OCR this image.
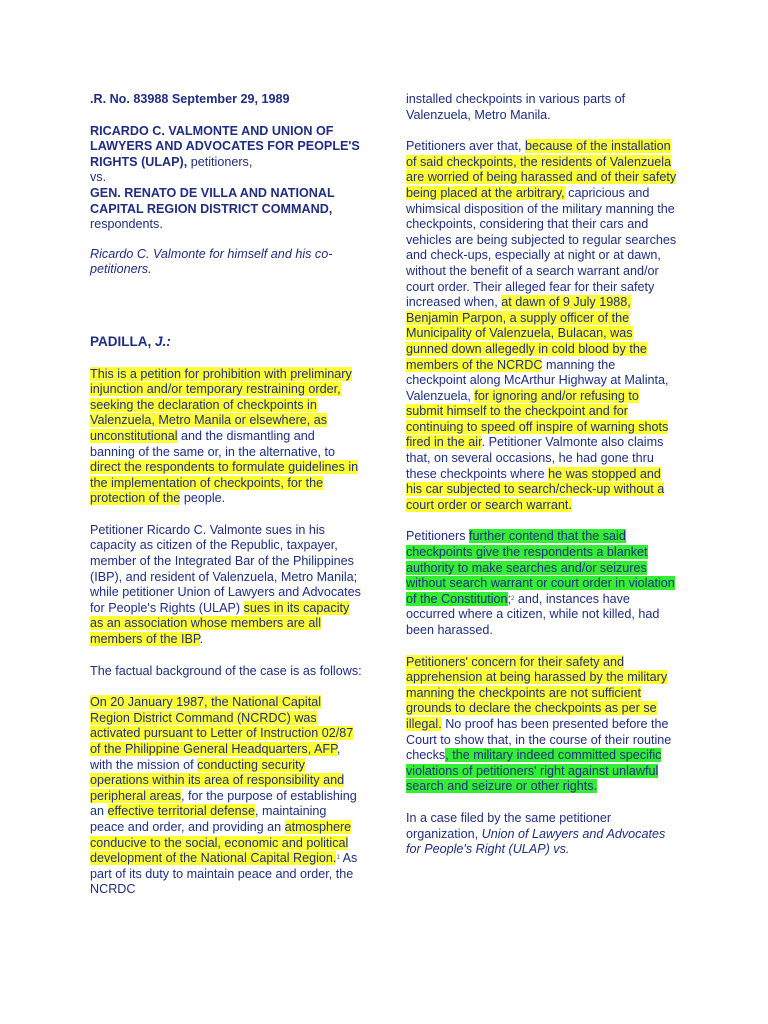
.R. No. 83988 September 29, 1989

RICARDO C. VALMONTE AND UNION OF LAWYERS AND ADVOCATES FOR PEOPLE'S RIGHTS (ULAP), petitioners,
vs.
GEN. RENATO DE VILLA AND NATIONAL CAPITAL REGION DISTRICT COMMAND, respondents.

Ricardo C. Valmonte for himself and his co-petitioners.

PADILLA, J.:

This is a petition for prohibition with preliminary injunction and/or temporary restraining order, seeking the declaration of checkpoints in Valenzuela, Metro Manila or elsewhere, as unconstitutional and the dismantling and banning of the same or, in the alternative, to direct the respondents to formulate guidelines in the implementation of checkpoints, for the protection of the people.

Petitioner Ricardo C. Valmonte sues in his capacity as citizen of the Republic, taxpayer, member of the Integrated Bar of the Philippines (IBP), and resident of Valenzuela, Metro Manila; while petitioner Union of Lawyers and Advocates for People's Rights (ULAP) sues in its capacity as an association whose members are all members of the IBP.

The factual background of the case is as follows:

On 20 January 1987, the National Capital Region District Command (NCRDC) was activated pursuant to Letter of Instruction 02/87 of the Philippine General Headquarters, AFP, with the mission of conducting security operations within its area of responsibility and peripheral areas, for the purpose of establishing an effective territorial defense, maintaining peace and order, and providing an atmosphere conducive to the social, economic and political development of the National Capital Region.$^1$ As part of its duty to maintain peace and order, the NCRDC

installed checkpoints in various parts of Valenzuela, Metro Manila.

Petitioners aver that, because of the installation of said checkpoints, the residents of Valenzuela are worried of being harassed and of their safety being placed at the arbitrary, capricious and whimsical disposition of the military manning the checkpoints, considering that their cars and vehicles are being subjected to regular searches and check-ups, especially at night or at dawn, without the benefit of a search warrant and/or court order. Their alleged fear for their safety increased when, at dawn of 9 July 1988, Benjamin Parpon, a supply officer of the Municipality of Valenzuela, Bulacan, was gunned down allegedly in cold blood by the members of the NCRDC manning the checkpoint along McArthur Highway at Malinta, Valenzuela, for ignoring and/or refusing to submit himself to the checkpoint and for continuing to speed off inspire of warning shots fired in the air. Petitioner Valmonte also claims that, on several occasions, he had gone thru these checkpoints where he was stopped and his car subjected to search/check-up without a court order or search warrant.

Petitioners further contend that the said checkpoints give the respondents a blanket authority to make searches and/or seizures without search warrant or court order in violation of the Constitution;$^2$ and, instances have occurred where a citizen, while not killed, had been harassed.

Petitioners' concern for their safety and apprehension at being harassed by the military manning the checkpoints are not sufficient grounds to declare the checkpoints as per se illegal. No proof has been presented before the Court to show that, in the course of their routine checks, the military indeed committed specific violations of petitioners' right against unlawful search and seizure or other rights.

In a case filed by the same petitioner organization, Union of Lawyers and Advocates for People's Right (ULAP) vs.
